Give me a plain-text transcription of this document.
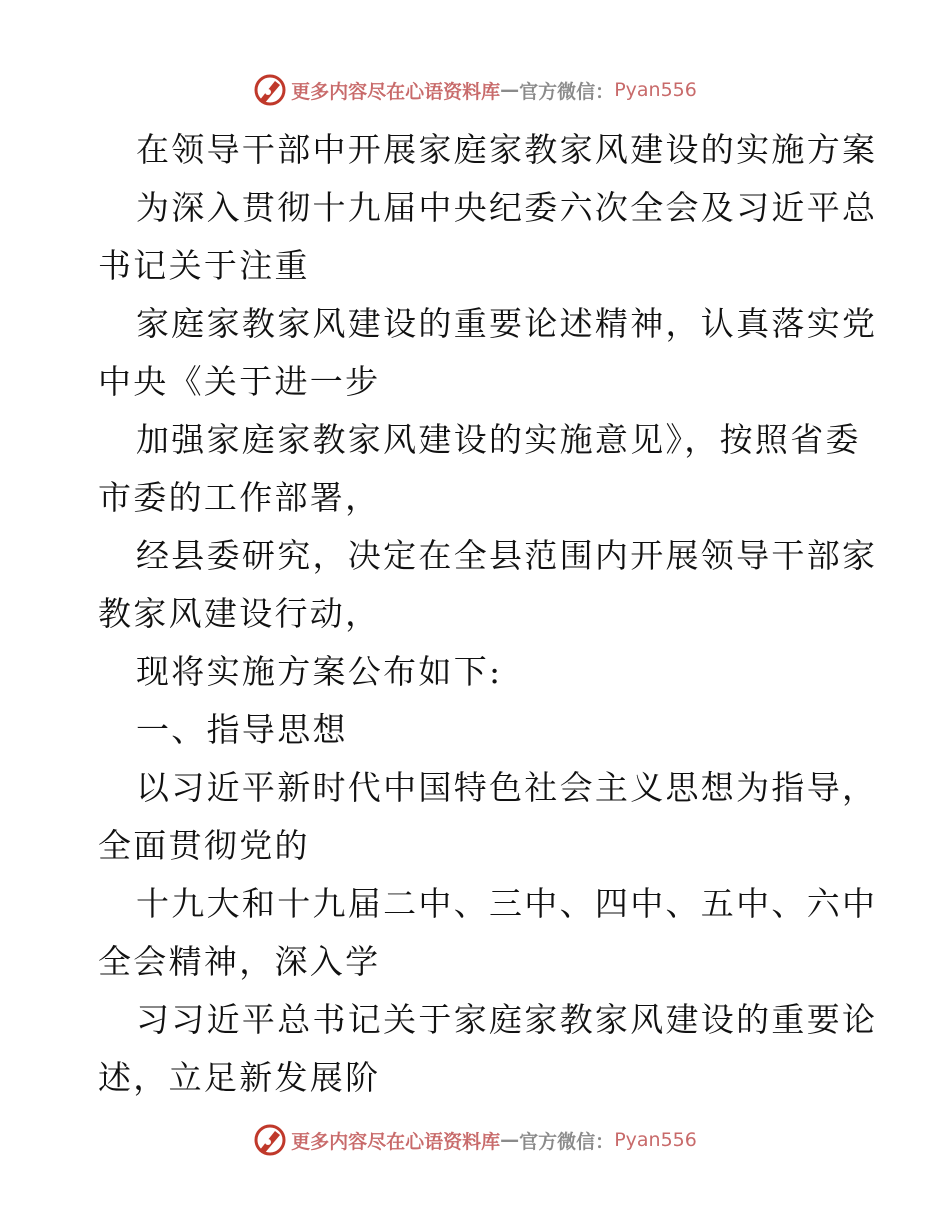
更多内容尽在心语资料库 — 官方微信： Pyan556
在领导干部中开展家庭家教家风建设的实施方案
为深入贯彻十九届中央纪委六次全会及习近平总
书记关于注重
家庭家教家风建设的重要论述精神，认真落实党
中央《关于进一步
加强家庭家教家风建设的实施意见》，按照省委
市委的工作部署，
经县委研究，决定在全县范围内开展领导干部家
教家风建设行动，
现将实施方案公布如下:
一、指导思想
以习近平新时代中国特色社会主义思想为指导，
全面贯彻党的
十九大和十九届二中、三中、四中、五中、六中
全会精神，深入学
习习近平总书记关于家庭家教家风建设的重要论
述，立足新发展阶
更多内容尽在心语资料库 — 官方微信： Pyan556
